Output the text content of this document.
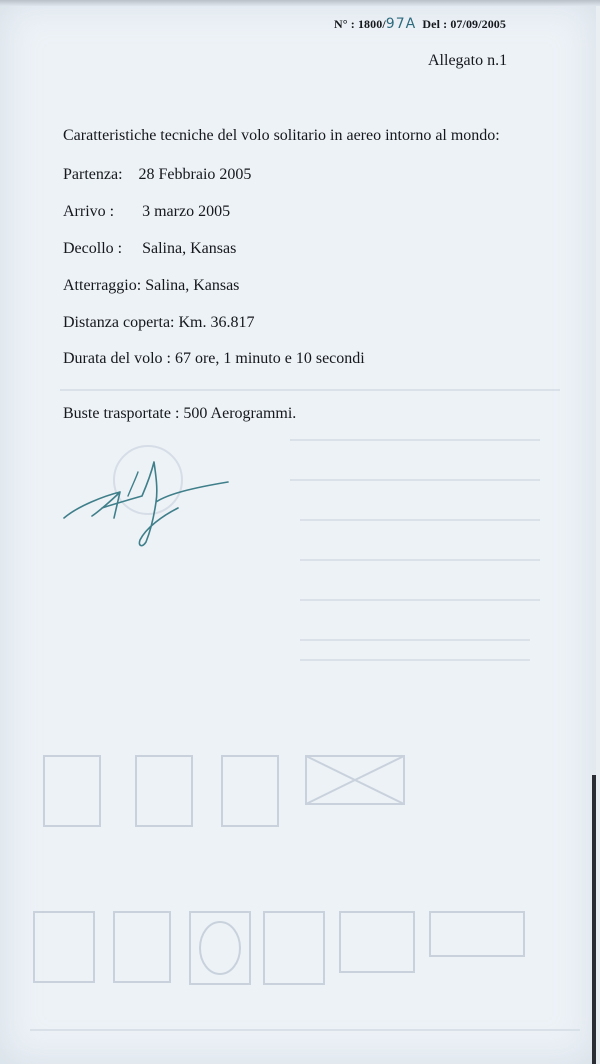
N° : 1800/97A Del : 07/09/2005
Allegato n.1
Caratteristiche tecniche del volo solitario in aereo intorno al mondo:
Partenza:    28 Febbraio 2005
Arrivo :       3 marzo 2005
Decollo :     Salina, Kansas
Atterraggio: Salina, Kansas
Distanza coperta: Km. 36.817
Durata del volo : 67 ore, 1 minuto e 10 secondi
Buste trasportate : 500 Aerogrammi.
